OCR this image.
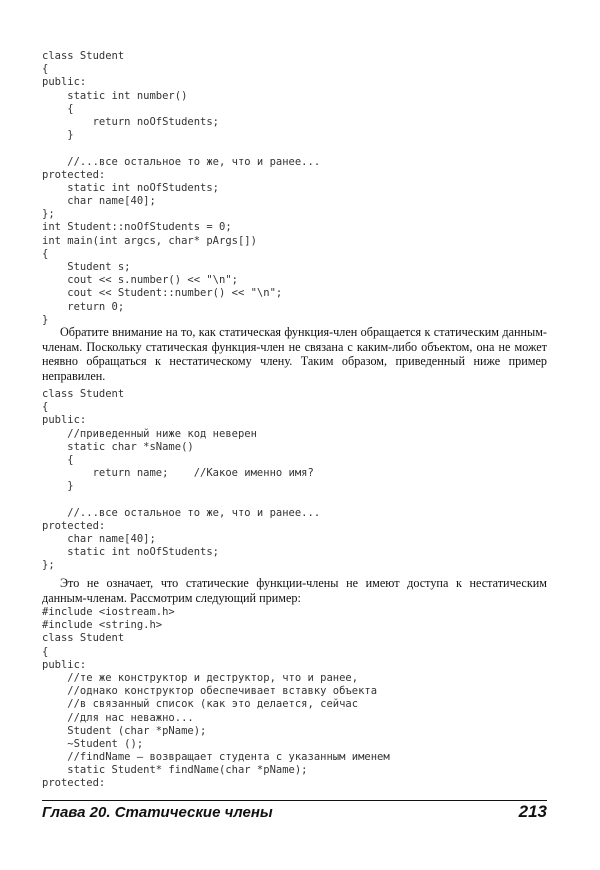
class Student
{
public:
static int number()
{
return noOfStudents;
}
//...все остальное то же, что и ранее...
protected:
static int noOfStudents;
char name[40];
};
int Student::noOfStudents = 0;
int main(int argcs, char* pArgs[])
{
Student s;
cout << s.number() << "\n";
cout << Student::number() << "\n";
return 0;
}

Обратите внимание на то, как статическая функция-член обращается к статическим данным-членам. Поскольку статическая функция-член не связана с каким-либо объектом, она не может неявно обращаться к нестатическому члену. Таким образом, приведенный ниже пример неправилен.

class Student
{
public:
//приведенный ниже код неверен
static char *sName()
{
return name;    //Какое именно имя?
}
//...все остальное то же, что и ранее...
protected:
char name[40];
static int noOfStudents;
};

Это не означает, что статические функции-члены не имеют доступа к нестатическим данным-членам. Рассмотрим следующий пример:

#include <iostream.h>
#include <string.h>
class Student
{
public:
//те же конструктор и деструктор, что и ранее,
//однако конструктор обеспечивает вставку объекта
//в связанный список (как это делается, сейчас
//для нас неважно...
Student (char *pName);
~Student ();
//findName — возвращает студента с указанным именем
static Student* findName(char *pName);
protected:
Глава 20. Статические члены	213
